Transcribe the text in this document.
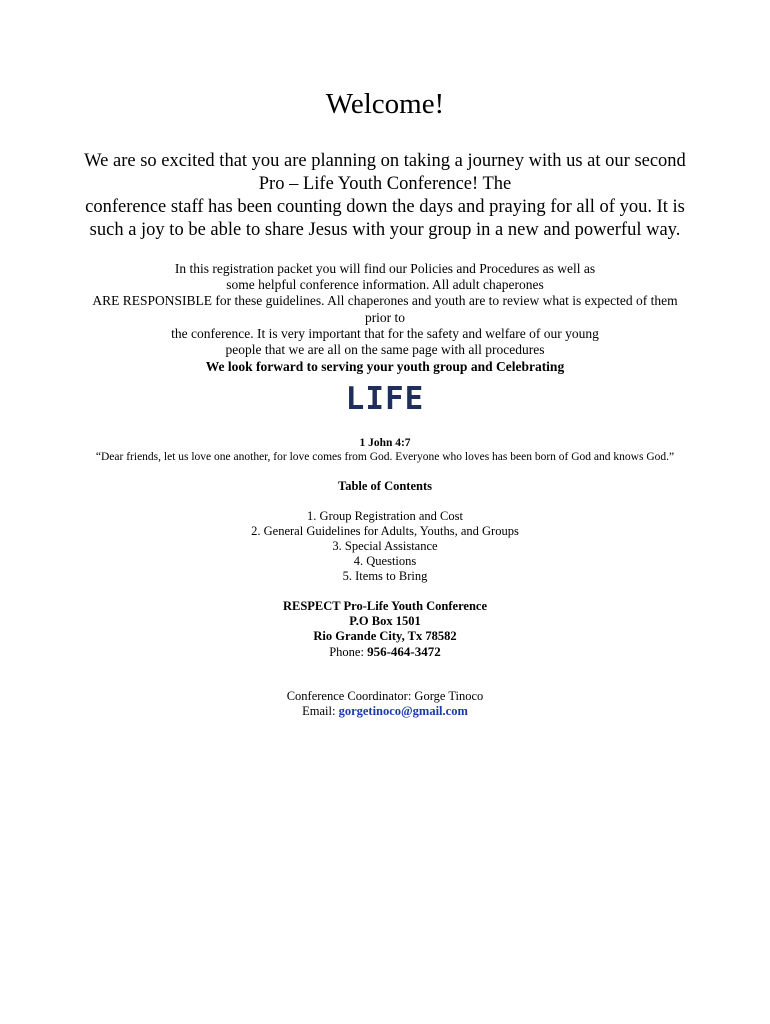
Welcome!
We are so excited that you are planning on taking a journey with us at our second
Pro – Life Youth Conference! The
conference staff has been counting down the days and praying for all of you. It is
such a joy to be able to share Jesus with your group in a new and powerful way.
In this registration packet you will find our Policies and Procedures as well as
some helpful conference information. All adult chaperones
ARE RESPONSIBLE for these guidelines. All chaperones and youth are to review what is expected of them
prior to
the conference. It is very important that for the safety and welfare of our young
people that we are all on the same page with all procedures
We look forward to serving your youth group and Celebrating
LIFE
1 John 4:7
“Dear friends, let us love one another, for love comes from God. Everyone who loves has been born of God and knows God.”
Table of Contents
1. Group Registration and Cost
2. General Guidelines for Adults, Youths, and Groups
3. Special Assistance
4. Questions
5. Items to Bring
RESPECT Pro-Life Youth Conference
P.O Box 1501
Rio Grande City, Tx 78582
Phone: 956-464-3472
Conference Coordinator: Gorge Tinoco
Email: gorgetinoco@gmail.com
